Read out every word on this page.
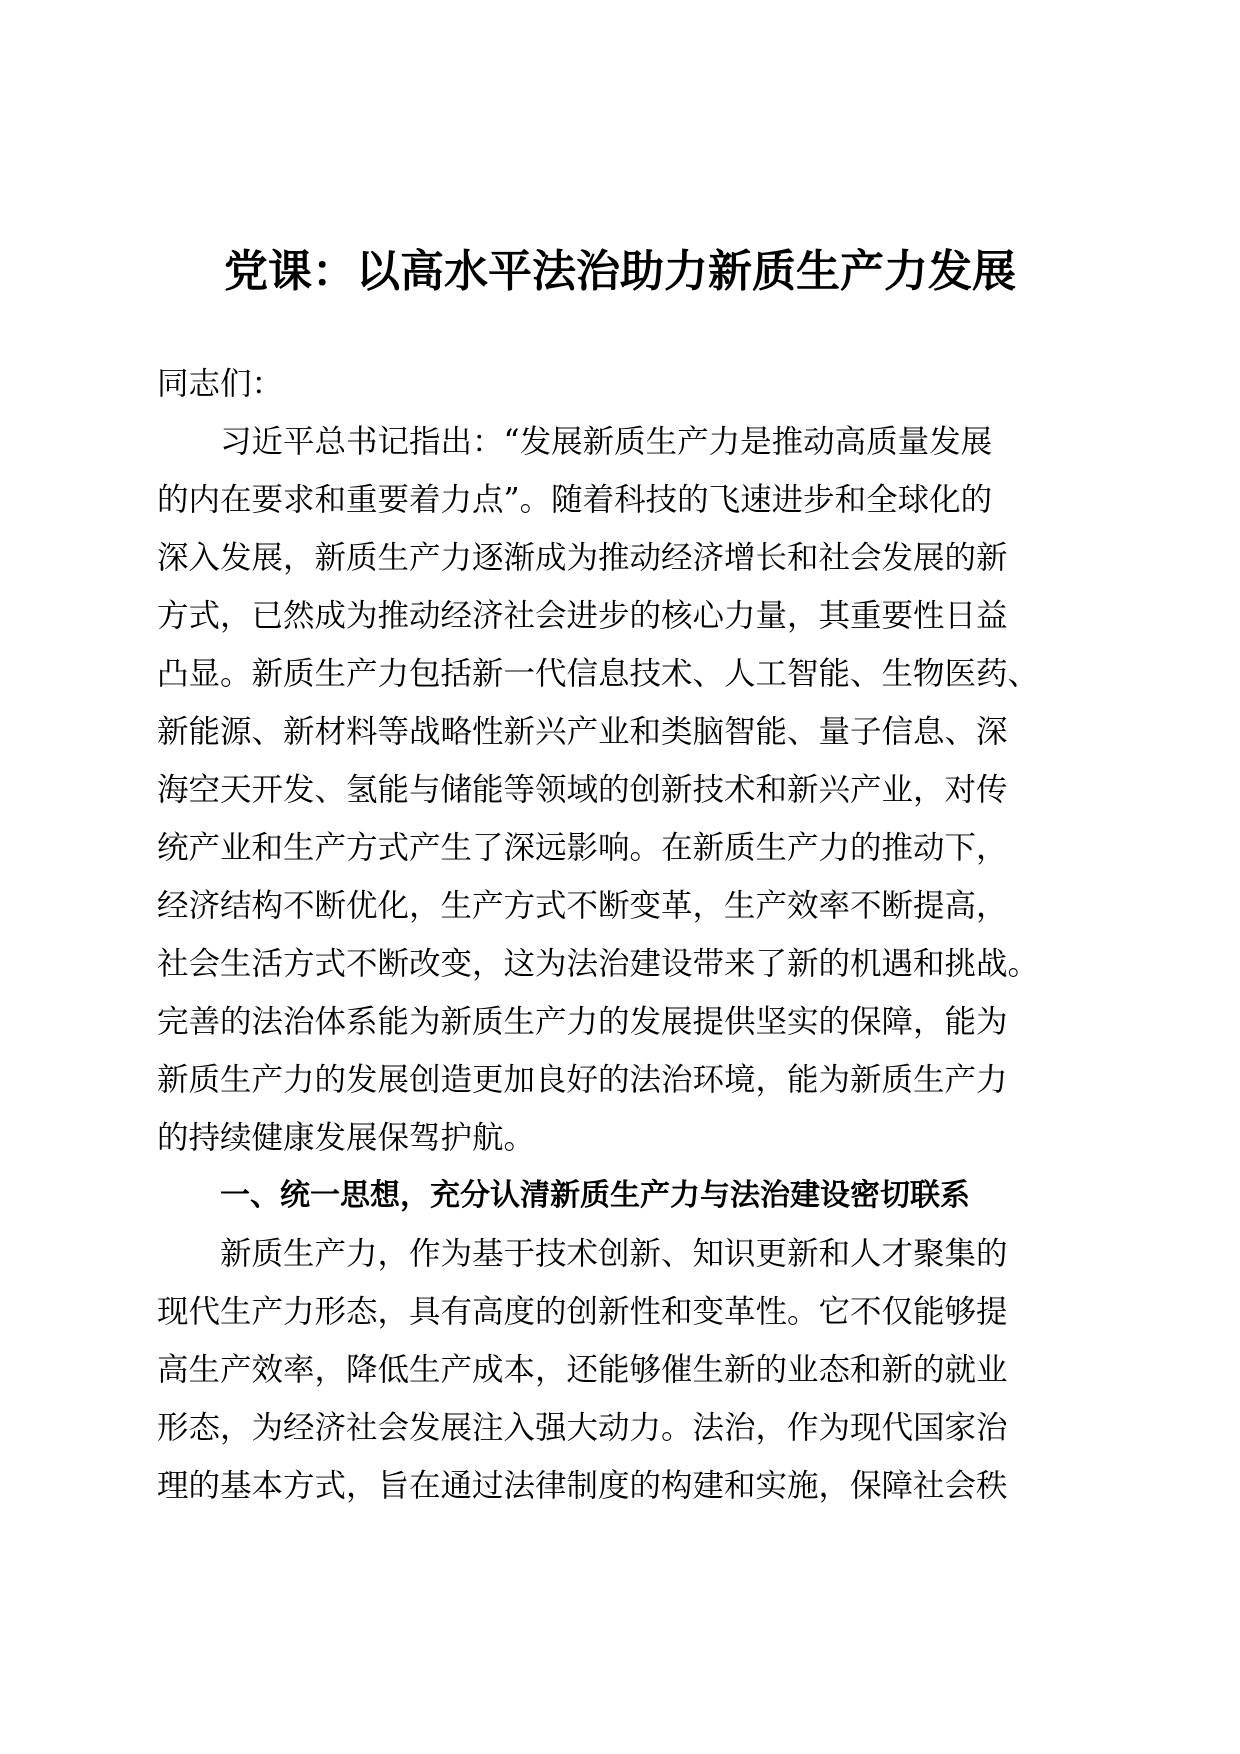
党课：以高水平法治助力新质生产力发展
同志们：
习近平总书记指出：“发展新质生产力是推动高质量发展
的内在要求和重要着力点”。随着科技的飞速进步和全球化的
深入发展，新质生产力逐渐成为推动经济增长和社会发展的新
方式，已然成为推动经济社会进步的核心力量，其重要性日益
凸显。新质生产力包括新一代信息技术、人工智能、生物医药、
新能源、新材料等战略性新兴产业和类脑智能、量子信息、深
海空天开发、氢能与储能等领域的创新技术和新兴产业，对传
统产业和生产方式产生了深远影响。在新质生产力的推动下，
经济结构不断优化，生产方式不断变革，生产效率不断提高，
社会生活方式不断改变，这为法治建设带来了新的机遇和挑战。
完善的法治体系能为新质生产力的发展提供坚实的保障，能为
新质生产力的发展创造更加良好的法治环境，能为新质生产力
的持续健康发展保驾护航。
一、统一思想，充分认清新质生产力与法治建设密切联系
新质生产力，作为基于技术创新、知识更新和人才聚集的
现代生产力形态，具有高度的创新性和变革性。它不仅能够提
高生产效率，降低生产成本，还能够催生新的业态和新的就业
形态，为经济社会发展注入强大动力。法治，作为现代国家治
理的基本方式，旨在通过法律制度的构建和实施，保障社会秩
